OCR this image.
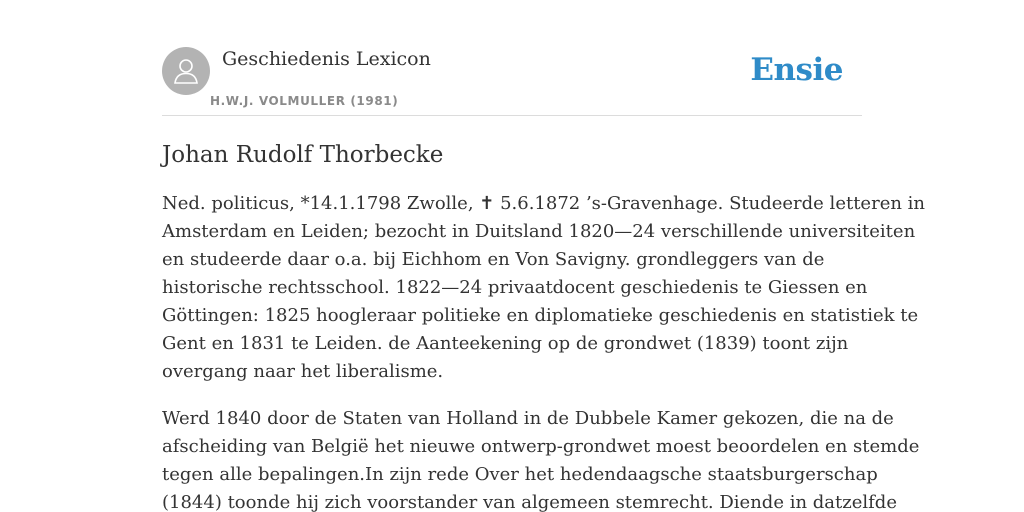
Geschiedenis Lexicon
H.W.J. VOLMULLER (1981)
Ensie
Johan Rudolf Thorbecke

Ned. politicus, *14.1.1798 Zwolle, ✝ 5.6.1872 ’s-Gravenhage. Studeerde letteren in
Amsterdam en Leiden; bezocht in Duitsland 1820—24 verschillende universiteiten
en studeerde daar o.a. bij Eichhom en Von Savigny. grondleggers van de
historische rechtsschool. 1822—24 privaatdocent geschiedenis te Giessen en
Göttingen: 1825 hoogleraar politieke en diplomatieke geschiedenis en statistiek te
Gent en 1831 te Leiden. de Aanteekening op de grondwet (1839) toont zijn
overgang naar het liberalisme.

Werd 1840 door de Staten van Holland in de Dubbele Kamer gekozen, die na de
afscheiding van België het nieuwe ontwerp-grondwet moest beoordelen en stemde
tegen alle bepalingen.In zijn rede Over het hedendaagsche staatsburgerschap
(1844) toonde hij zich voorstander van algemeen stemrecht. Diende in datzelfde
